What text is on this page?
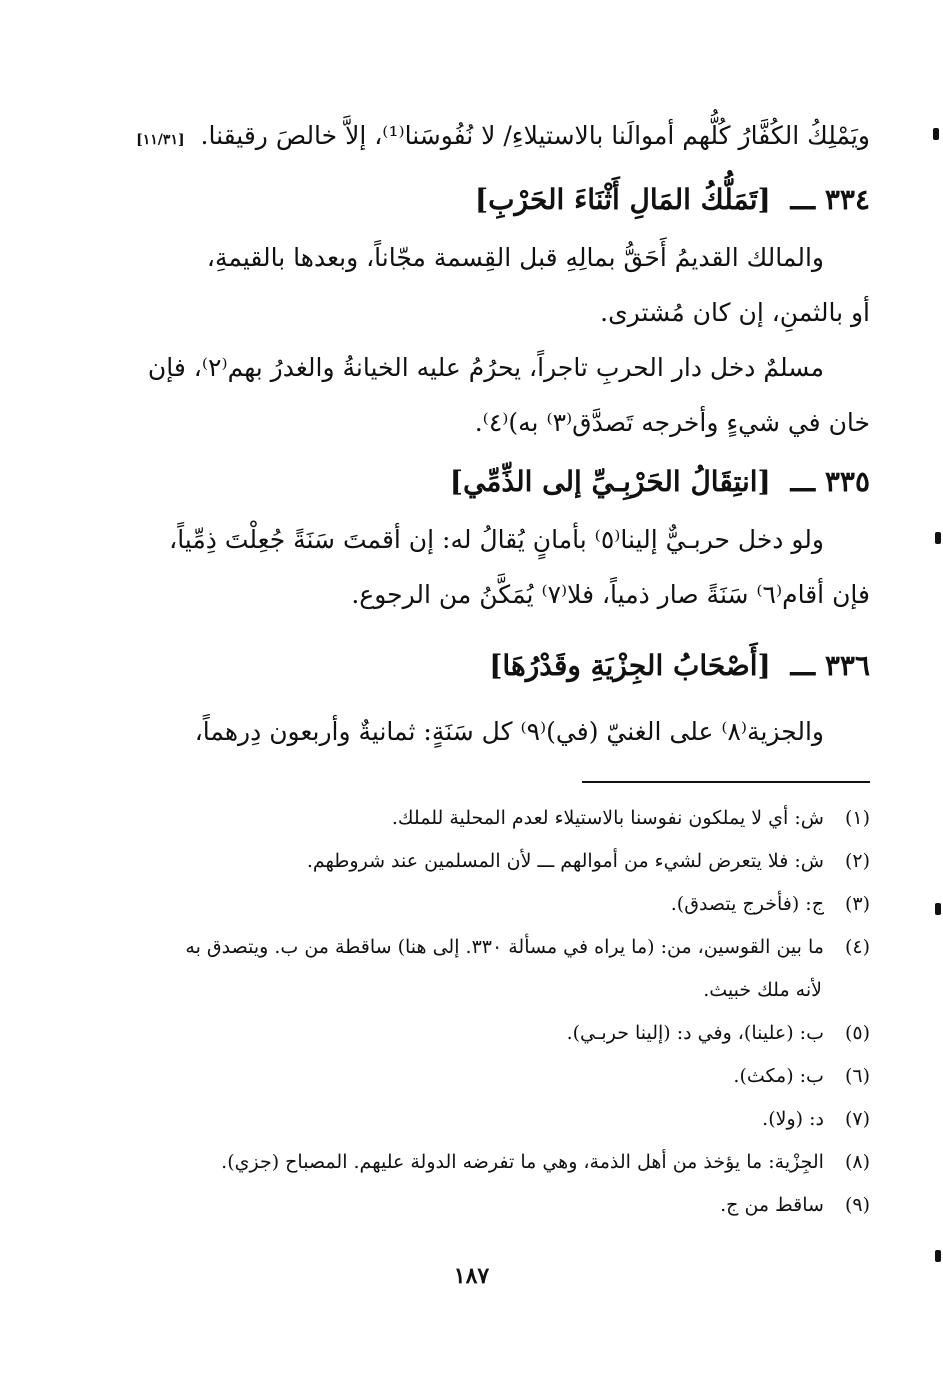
ويَمْلِكُ الكُفَّارُ كُلُّهم أموالَنا بالاستيلاءِ/ لا نُفُوسَنا⁽¹⁾، إلاَّ خالصَ رقيقنا. [١١/٣١]
٣٣٤ ـــ [تَمَلُّكُ المَالِ أَثْنَاءَ الحَرْبِ]
والمالك القديمُ أَحَقُّ بمالِهِ قبل القِسمة مجّاناً، وبعدها بالقيمةِ،
أو بالثمنِ، إن كان مُشترى.
مسلمٌ دخل دار الحربِ تاجراً، يحرُمُ عليه الخيانةُ والغدرُ بهم⁽٢⁾، فإن
خان في شيءٍ وأخرجه تَصدَّق⁽٣⁾ به)⁽٤⁾.
٣٣٥ ـــ [انتِقَالُ الحَرْبِـيِّ إلى الذِّمِّي]
ولو دخل حربـيٌّ إلينا⁽٥⁾ بأمانٍ يُقالُ له: إن أقمتَ سَنَةً جُعِلْتَ ذِمِّياً،
فإن أقام⁽٦⁾ سَنَةً صار ذمياً، فلا⁽٧⁾ يُمَكَّنُ من الرجوع.
٣٣٦ ـــ [أَصْحَابُ الجِزْيَةِ وقَدْرُهَا]
والجزية⁽٨⁾ على الغنيّ (في)⁽٩⁾ كل سَنَةٍ: ثمانيةٌ وأربعون دِرهماً،
(١) ش: أي لا يملكون نفوسنا بالاستيلاء لعدم المحلية للملك.
(٢) ش: فلا يتعرض لشيء من أموالهم ـــ لأن المسلمين عند شروطهم.
(٣) ج: (فأخرج يتصدق).
(٤) ما بين القوسين، من: (ما يراه في مسألة ٣٣٠. إلى هنا) ساقطة من ب. ويتصدق به
لأنه ملك خبيث.
(٥) ب: (علينا)، وفي د: (إلينا حربـي).
(٦) ب: (مكث).
(٧) د: (ولا).
(٨) الجِزْية: ما يؤخذ من أهل الذمة، وهي ما تفرضه الدولة عليهم. المصباح (جزي).
(٩) ساقط من ج.
١٨٧
